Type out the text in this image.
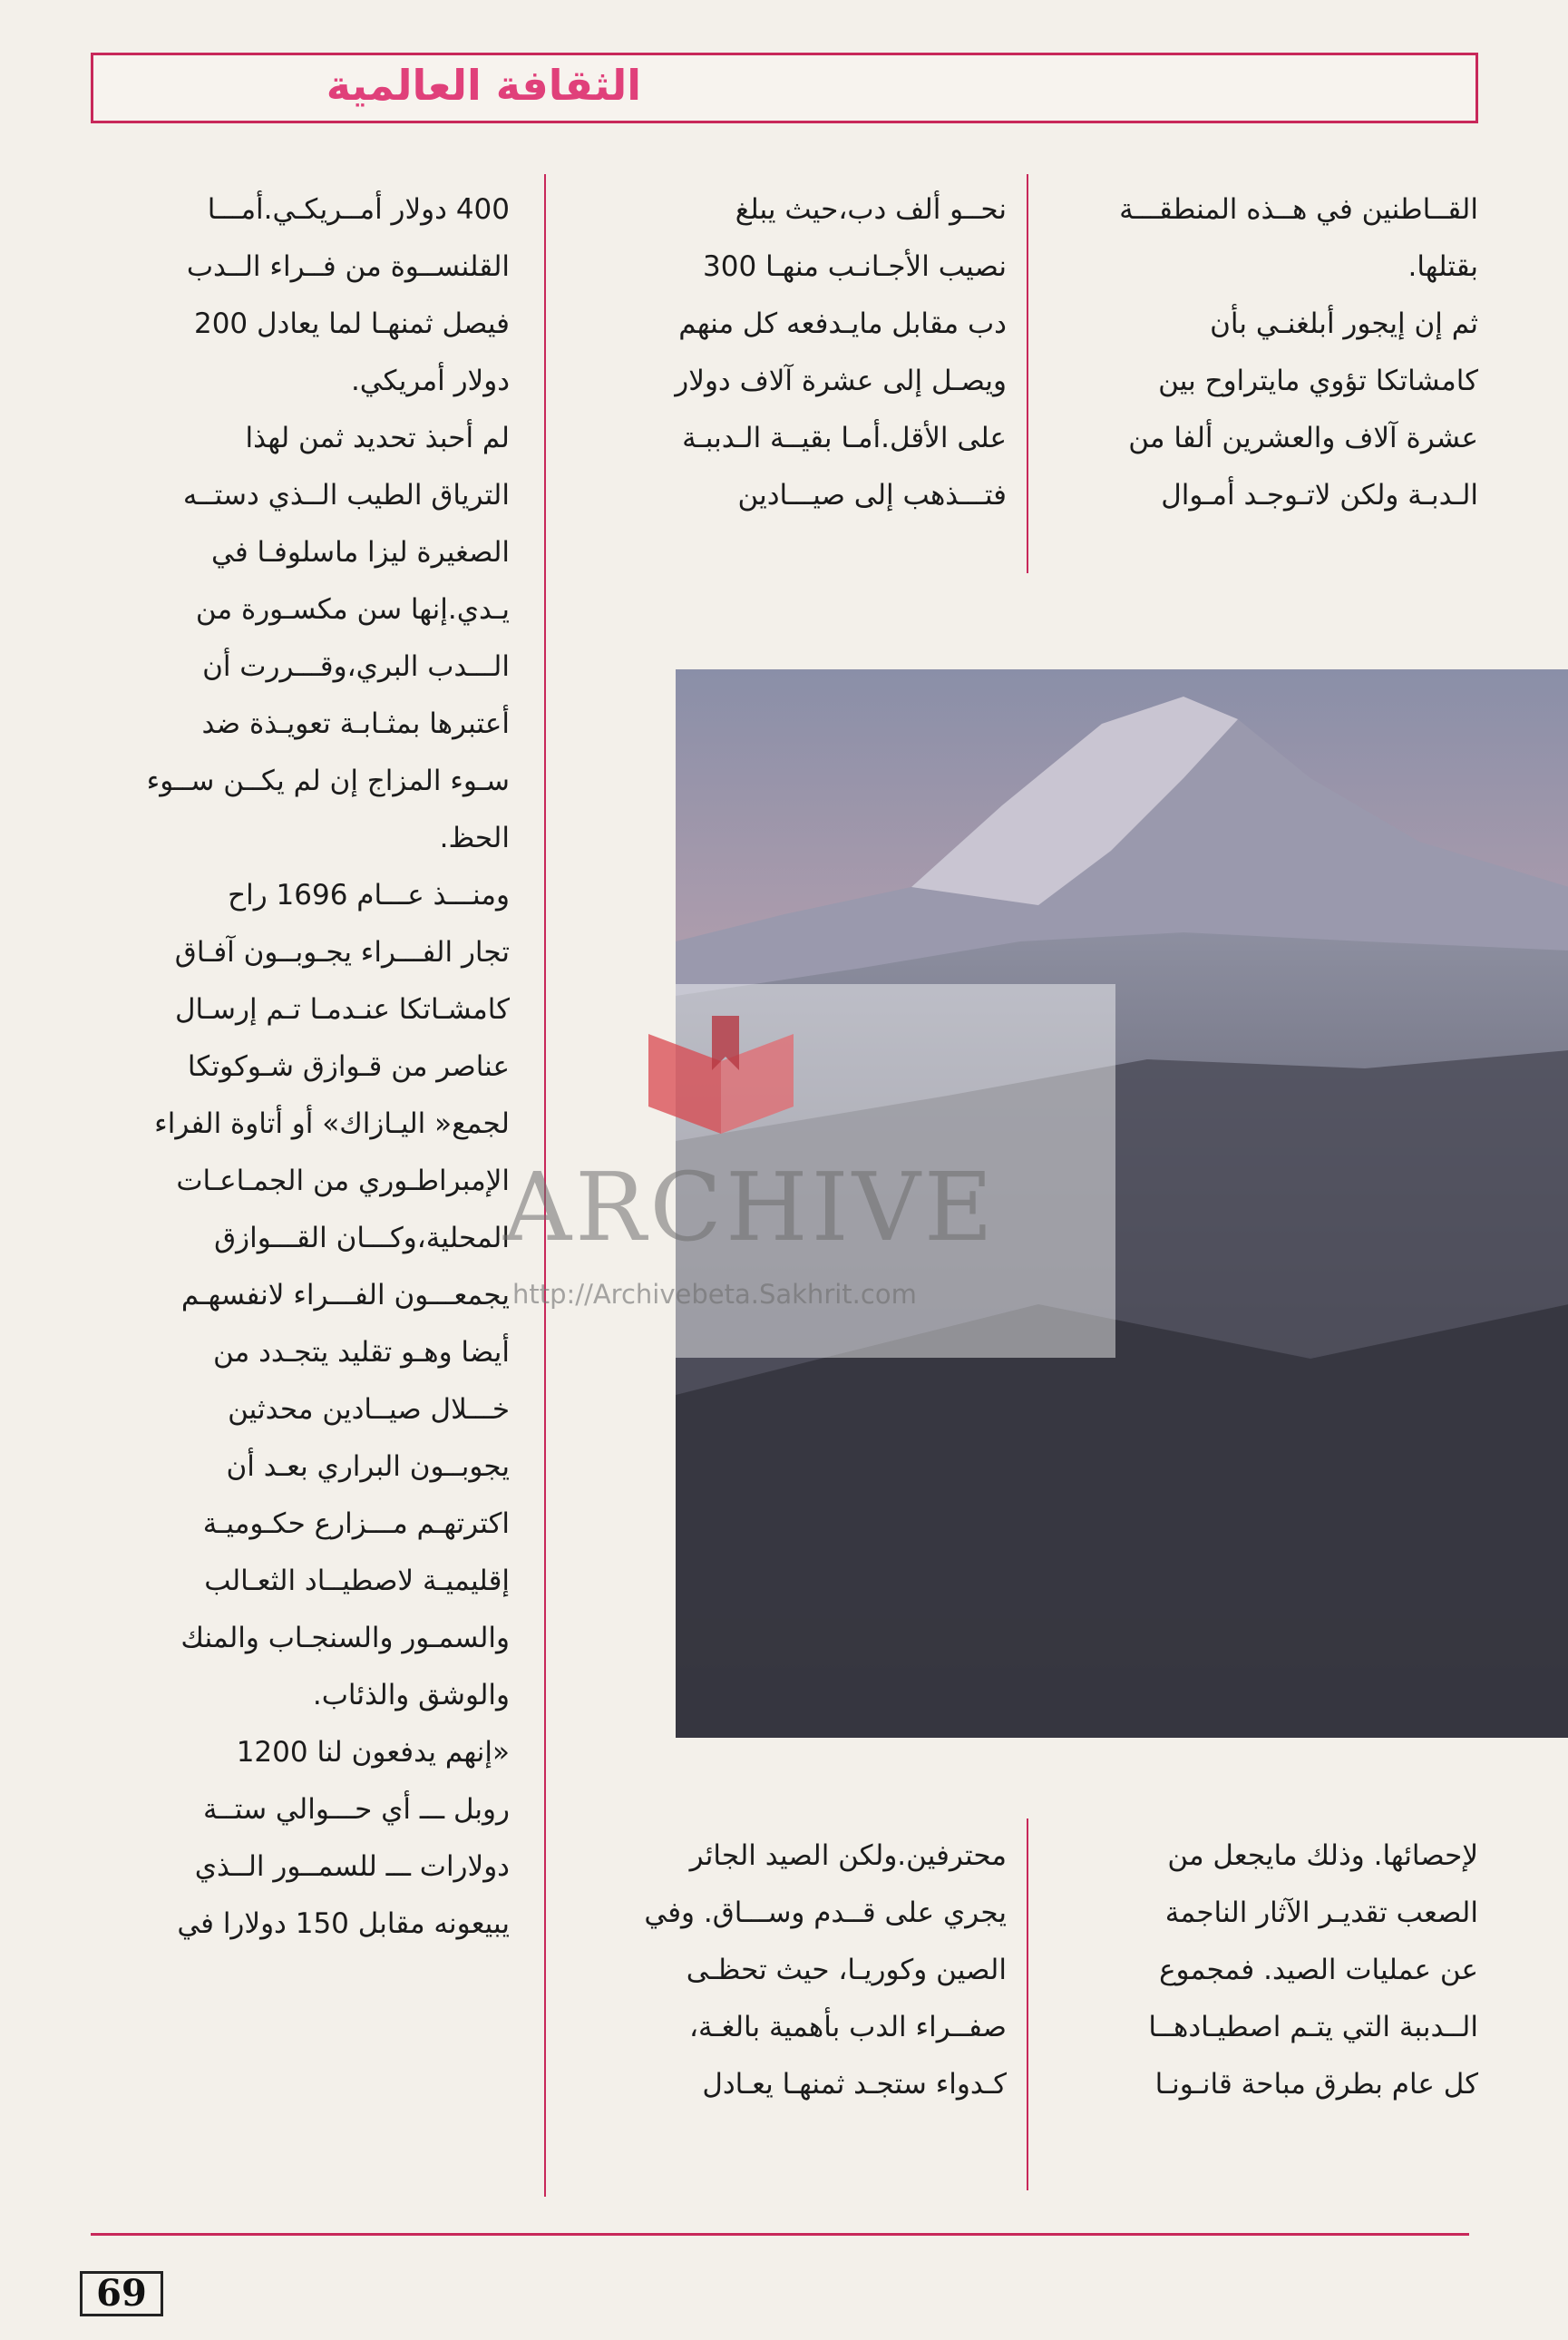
الثقافة العالمية

القــاطنين في هــذه المنطقـــة

بقتلها.

ثم إن إيجور أبلغنـي بأن

كامشاتكا تؤوي مايتراوح بين

عشرة آلاف والعشرين ألفا من

الـدبـة ولكن لاتـوجـد أمـوال

نحــو ألف دب،حيث يبلغ

نصيب الأجـانـب منهـا 300

دب مقابل مايـدفعه كل منهم

ويصـل إلى عشرة آلاف دولار

على الأقل.أمـا بقيــة الـدببـة

فتـــذهب إلى صيـــادين

400 دولار أمــريكـي.أمـــا

القلنســوة من فــراء الــدب

فيصل ثمنهـا لما يعادل 200

دولار أمريكي.

لم أحبذ تحديد ثمن لهذا

الترياق الطيب الــذي دستــه

الصغيرة ليزا ماسلوفـا في

يـدي.إنها سن مكسـورة من

الـــدب البري،وقـــررت أن

أعتبرها بمثـابـة تعويـذة ضد

سـوء المزاج إن لم يكــن ســوء

الحظ.

ومنـــذ عـــام 1696 راح

تجار الفـــراء يجـوبــون آفـاق

كامشـاتكا عنـدمـا تـم إرسـال

عناصر من قـوازق شـوكوتكا

لجمع« اليـازاك» أو أتاوة الفراء

الإمبراطـوري من الجمـاعـات

المحلية،وكـــان القـــوازق

يجمعـــون الفـــراء لانفسهـم

أيضا وهـو تقليد يتجـدد من

خـــلال صيــادين محدثين

يجوبــون البراري بعـد أن

اكترتهـم مـــزارع حكـوميـة

إقليميـة لاصطيــاد الثعـالب

والسمـور والسنجـاب والمنك

والوشق والذئاب.

«إنهم يدفعون لنا 1200

روبل ـــ أي حـــوالي ستــة

دولارات ـــ للسمــور الــذي

يبيعونه مقابل 150 دولارا في

ARCHIVE
http://Archivebeta.Sakhrit.com

لإحصائها. وذلك مايجعل من

الصعب تقديـر الآثار الناجمة

عن عمليات الصيد. فمجموع

الــدببة التي يتـم اصطيـادهــا

كل عام بطرق مباحة قانـونـا

محترفين.ولكن الصيد الجائر

يجري على قــدم وســـاق. وفي

الصين وكوريـا، حيث تحظـى

صفــراء الدب بأهمية بالغـة،

كـدواء ستجـد ثمنهـا يعـادل

69
